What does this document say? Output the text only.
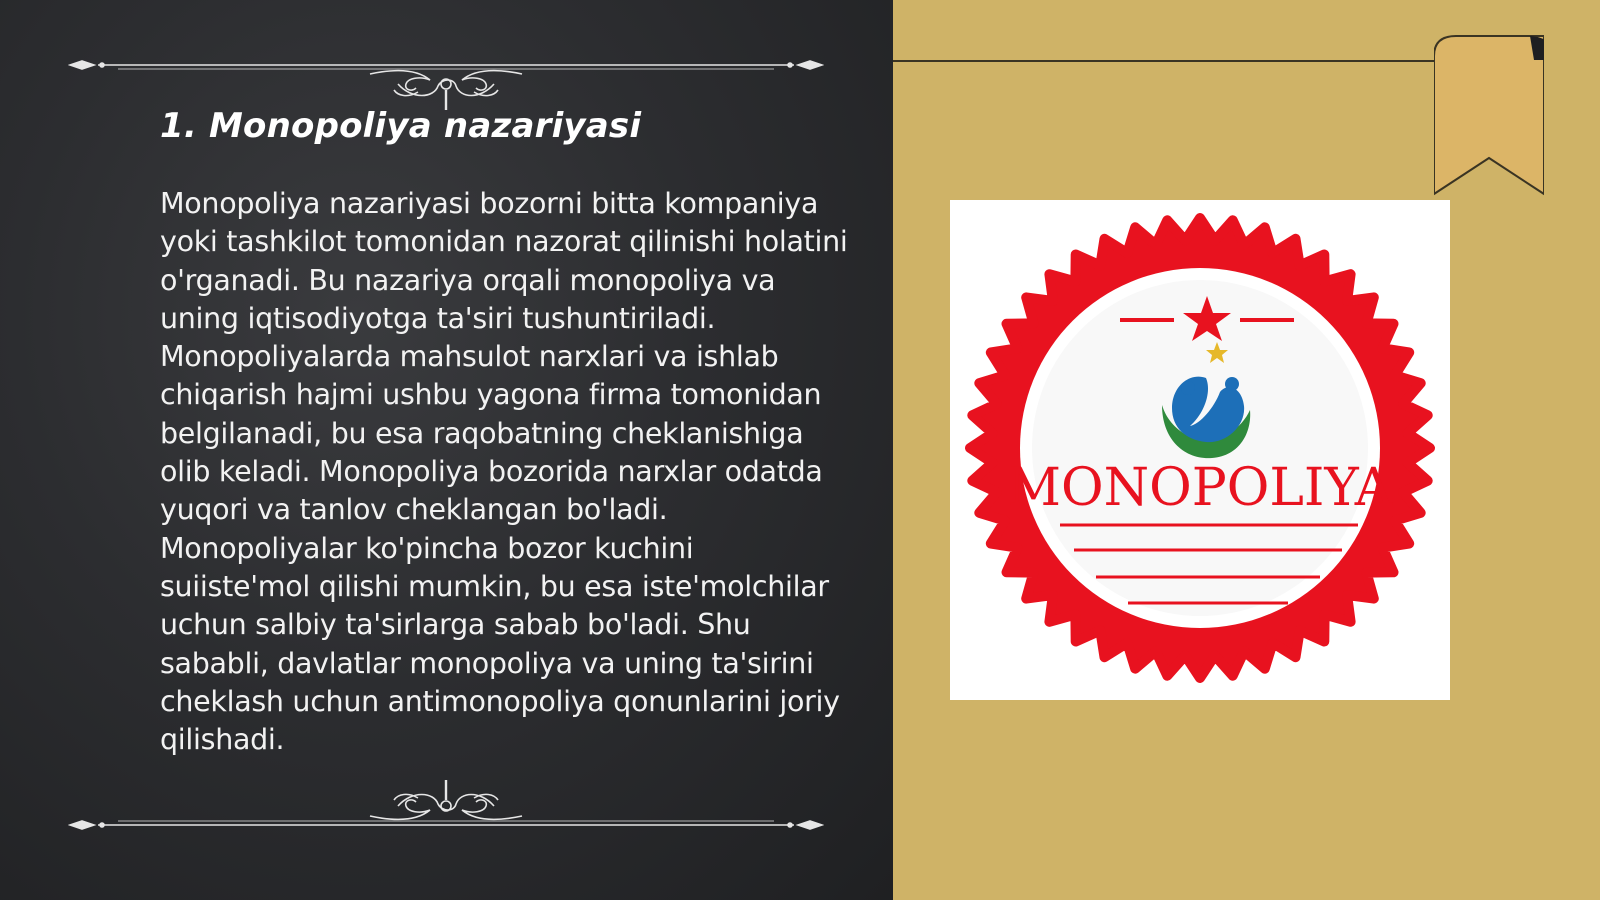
1. Monopoliya nazariyasi

Monopoliya nazariyasi bozorni bitta kompaniya yoki tashkilot tomonidan nazorat qilinishi holatini o'rganadi. Bu nazariya orqali monopoliya va uning iqtisodiyotga ta'siri tushuntiriladi. Monopoliyalarda mahsulot narxlari va ishlab chiqarish hajmi ushbu yagona firma tomonidan belgilanadi, bu esa raqobatning cheklanishiga olib keladi. Monopoliya bozorida narxlar odatda yuqori va tanlov cheklangan bo'ladi. Monopoliyalar ko'pincha bozor kuchini suiiste'mol qilishi mumkin, bu esa iste'molchilar uchun salbiy ta'sirlarga sabab bo'ladi. Shu sababli, davlatlar monopoliya va uning ta'sirini cheklash uchun antimonopoliya qonunlarini joriy qilishadi.

MONOPOLIYA
